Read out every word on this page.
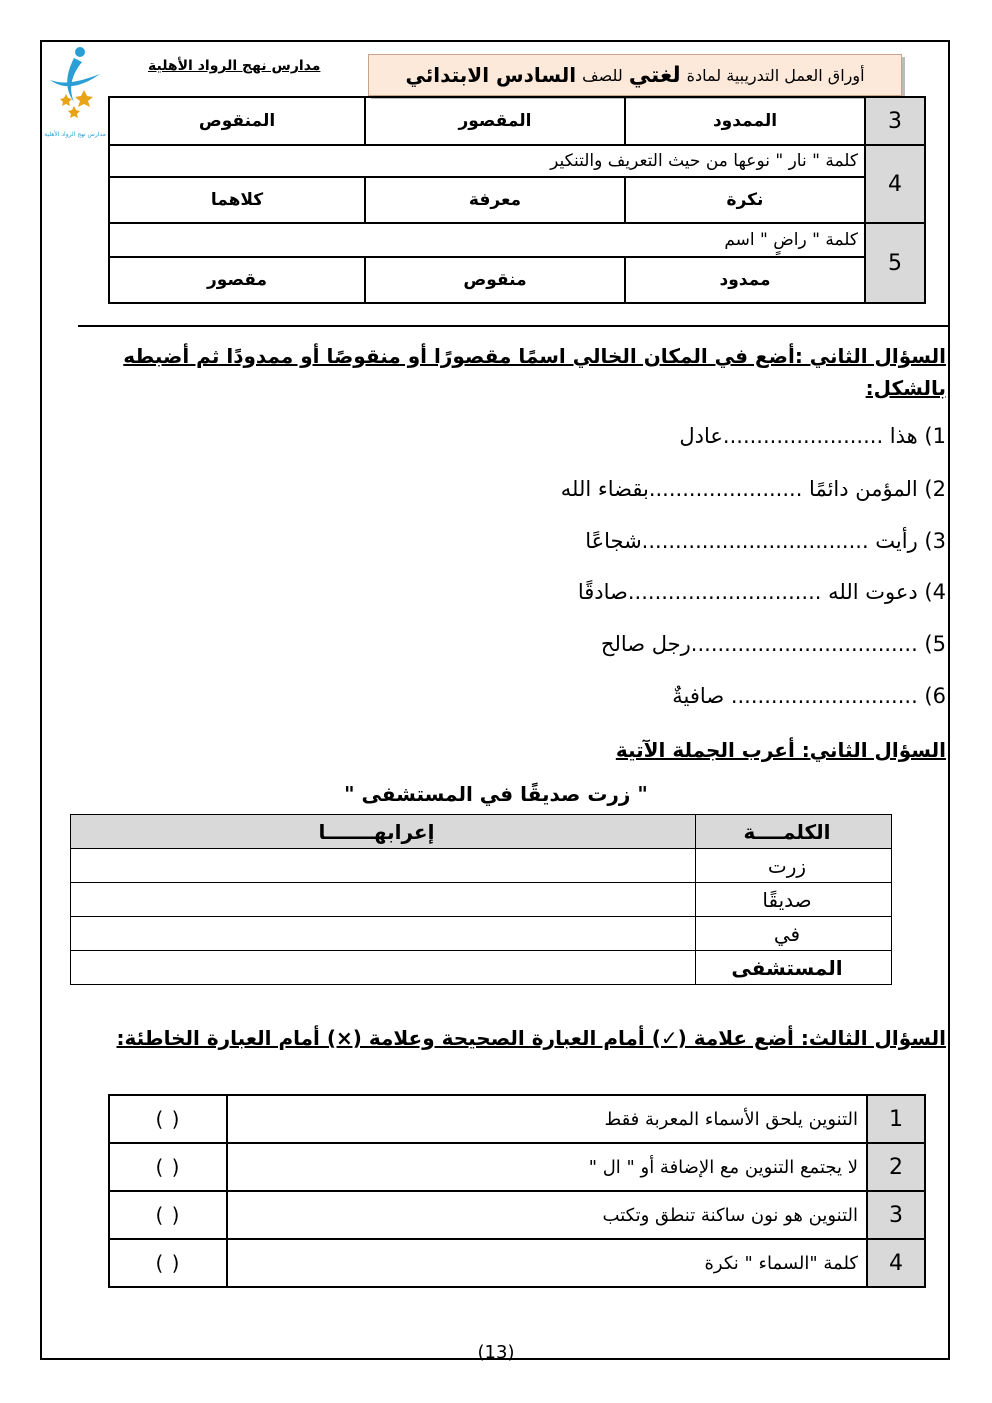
مدارس نهج الرواد الأهلية
مدارس نهج الرواد الأهلية	أوراق العمل التدريبية لمادة
لغتي
للصف
السادس الابتدائي
المنقوص	المقصور	الممدود	3
كلمة " نار " نوعها من حيث التعريف والتنكير			4
كلاهما	معرفة	نكرة	
كلمة " راضٍ " اسم			5
مقصور	منقوص	ممدود	
السؤال الثاني :أضع في المكان الخالي اسمًا مقصورًا أو منقوصًا أو ممدودًا ثم أضبطه بالشكل:
1) هذا ........................عادل
2) المؤمن دائمًا .......................بقضاء الله
3) رأيت ..................................شجاعًا
4) دعوت الله .............................صادقًا
5) ..................................رجل صالح
6) ............................ صافيةٌ
السؤال الثاني: أعرب الجملة الآتية
" زرت صديقًا في المستشفى "
إعرابهـــــــا	الكلمــــة
	زرت
	صديقًا
	في
	المستشفى
السؤال الثالث: أضع علامة (✓) أمام العبارة الصحيحة وعلامة (×) أمام العبارة الخاطئة:
( )	التنوين يلحق الأسماء المعربة فقط	1
( )	لا يجتمع التنوين مع الإضافة أو " ال "	2
( )	التنوين هو نون ساكنة تنطق وتكتب	3
( )	كلمة "السماء " نكرة	4
(13)
